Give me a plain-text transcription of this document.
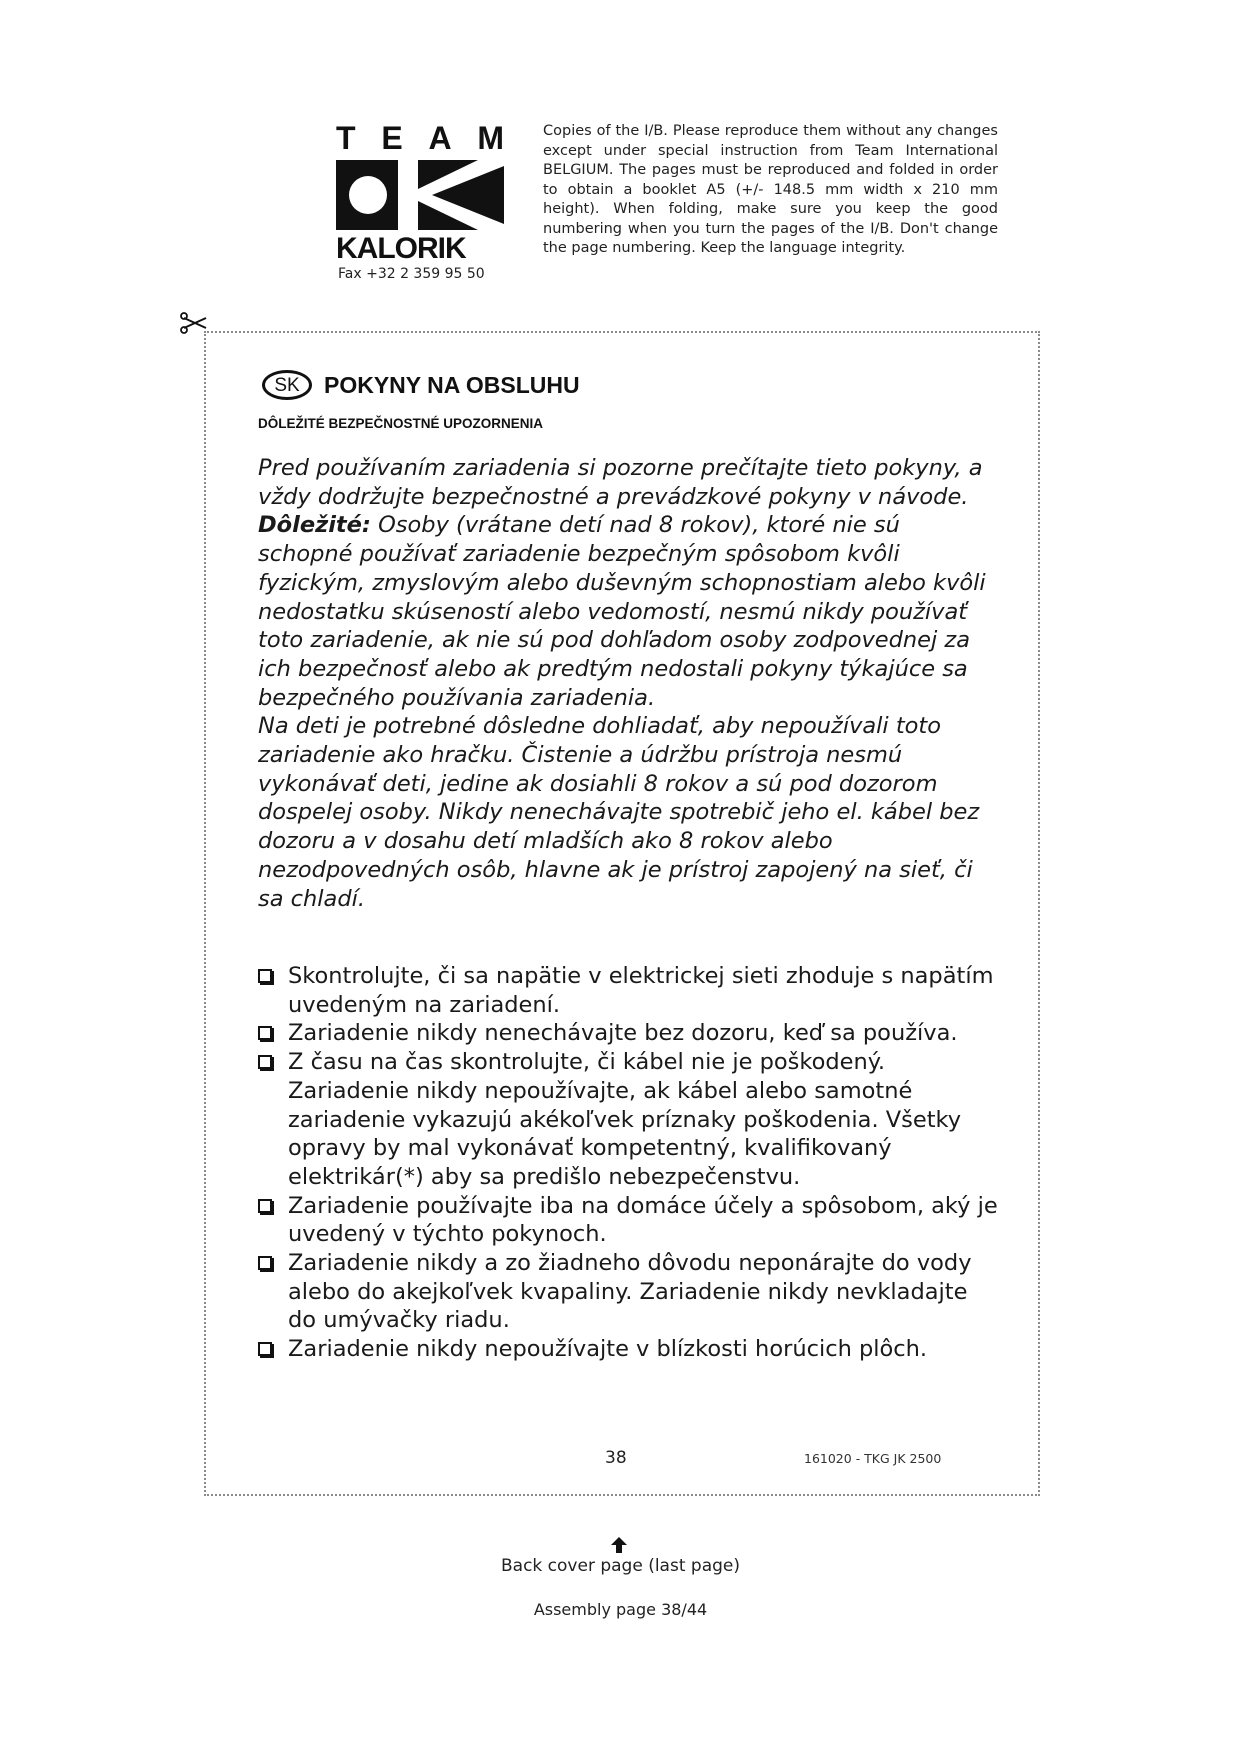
T E A M
KALORIK
Fax +32 2 359 95 50
Copies of the I/B. Please reproduce them without any changes except under special instruction from Team International BELGIUM. The pages must be reproduced and folded in order to obtain a booklet A5 (+/- 148.5 mm width x 210 mm height). When folding, make sure you keep the good numbering when you turn the pages of the I/B. Don't change the page numbering. Keep the language integrity.
SK	POKYNY NA OBSLUHU
DÔLEŽITÉ BEZPEČNOSTNÉ UPOZORNENIA

Pred používaním zariadenia si pozorne prečítajte tieto pokyny, a vždy dodržujte bezpečnostné a prevádzkové pokyny v návode.

Dôležité: Osoby (vrátane detí nad 8 rokov), ktoré nie sú schopné používať zariadenie bezpečným spôsobom kvôli fyzickým, zmyslovým alebo duševným schopnostiam alebo kvôli nedostatku skúseností alebo vedomostí, nesmú nikdy používať toto zariadenie, ak nie sú pod dohľadom osoby zodpovednej za ich bezpečnosť alebo ak predtým nedostali pokyny týkajúce sa bezpečného používania zariadenia.

Na deti je potrebné dôsledne dohliadať, aby nepoužívali toto zariadenie ako hračku. Čistenie a údržbu prístroja nesmú vykonávať deti, jedine ak dosiahli 8 rokov a sú pod dozorom dospelej osoby. Nikdy nenechávajte spotrebič jeho el. kábel bez dozoru a v dosahu detí mladších ako 8 rokov alebo nezodpovedných osôb, hlavne ak je prístroj zapojený na sieť, či sa chladí.

Skontrolujte, či sa napätie v elektrickej sieti zhoduje s napätím uvedeným na zariadení.
Zariadenie nikdy nenechávajte bez dozoru, keď sa používa.
Z času na čas skontrolujte, či kábel nie je poškodený. Zariadenie nikdy nepoužívajte, ak kábel alebo samotné zariadenie vykazujú akékoľvek príznaky poškodenia. Všetky opravy by mal vykonávať kompetentný, kvalifikovaný elektrikár(*) aby sa predišlo nebezpečenstvu.
Zariadenie používajte iba na domáce účely a spôsobom, aký je uvedený v týchto pokynoch.
Zariadenie nikdy a zo žiadneho dôvodu neponárajte do vody alebo do akejkoľvek kvapaliny. Zariadenie nikdy nevkladajte do umývačky riadu.
Zariadenie nikdy nepoužívajte v blízkosti horúcich plôch.
38	161020 - TKG JK 2500
Back cover page (last page)
Assembly page 38/44
